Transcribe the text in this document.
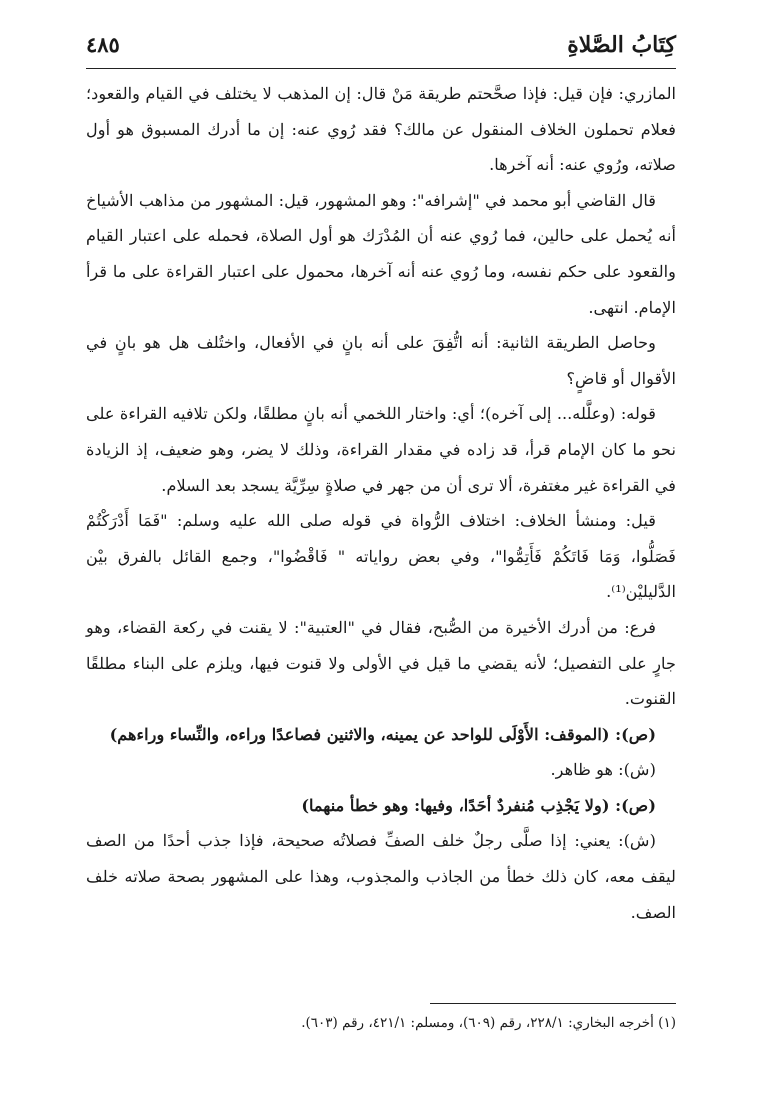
كِتَابُ الصَّلاةِ
٤٨٥

المازري: فإن قيل: فإذا صحَّحتم طريقة مَنْ قال: إن المذهب لا يختلف في القيام والقعود؛ فعلام تحملون الخلاف المنقول عن مالك؟ فقد رُوي عنه: إن ما أدرك المسبوق هو أول صلاته، ورُوي عنه: أنه آخرها.

قال القاضي أبو محمد في "إشرافه": وهو المشهور، قيل: المشهور من مذاهب الأشياخ أنه يُحمل على حالين، فما رُوي عنه أن المُدْرَك هو أول الصلاة، فحمله على اعتبار القيام والقعود على حكم نفسه، وما رُوي عنه أنه آخرها، محمول على اعتبار القراءة على ما قرأ الإمام. انتهى.

وحاصل الطريقة الثانية: أنه اتُّفِقَ على أنه بانٍ في الأفعال، واختُلف هل هو بانٍ في الأقوال أو قاضٍ؟

قوله: (وعلَّله... إلى آخره)؛ أي: واختار اللخمي أنه بانٍ مطلقًا، ولكن تلافيه القراءة على نحو ما كان الإمام قرأ، قد زاده في مقدار القراءة، وذلك لا يضر، وهو ضعيف، إذ الزيادة في القراءة غير مغتفرة، ألا ترى أن من جهر في صلاةٍ سِرِّيَّة يسجد بعد السلام.

قيل: ومنشأ الخلاف: اختلاف الرُّواة في قوله صلى الله عليه وسلم: "فَمَا أَدْرَكْتُمْ فَصَلُّوا، وَمَا فَاتَكُمْ فَأَتِمُّوا"، وفي بعض رواياته " فَاقْضُوا"، وجمع القائل بالفرق بيْن الدَّليليْن⁽¹⁾.

فرع: من أدرك الأخيرة من الصُّبح، فقال في "العتبية": لا يقنت في ركعة القضاء، وهو جارٍ على التفصيل؛ لأنه يقضي ما قيل في الأولى ولا قنوت فيها، ويلزم على البناء مطلقًا القنوت.

(ص): (الموقف: الأَوْلَى للواحد عن يمينه، والاثنين فصاعدًا وراءه، والنِّساء وراءهم)

(ش): هو ظاهر.

(ص): (ولا يَجْذِب مُنفردٌ أحَدًا، وفيها: وهو خطأ منهما)

(ش): يعني: إذا صلَّى رجلٌ خلف الصفِّ فصلاتُه صحيحة، فإذا جذب أحدًا من الصف ليقف معه، كان ذلك خطأ من الجاذب والمجذوب، وهذا على المشهور بصحة صلاته خلف الصف.

(١) أخرجه البخاري: ٢٢٨/١، رقم (٦٠٩)، ومسلم: ٤٢١/١، رقم (٦٠٣).
